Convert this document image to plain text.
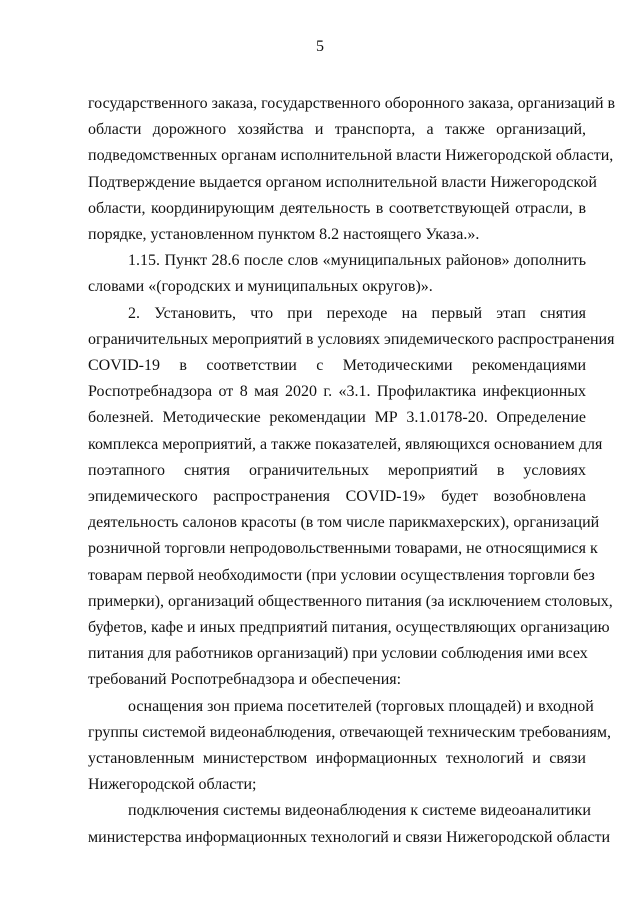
5

государственного заказа, государственного оборонного заказа, организаций в
области дорожного хозяйства и транспорта, а также организаций,
подведомственных органам исполнительной власти Нижегородской области,
Подтверждение выдается органом исполнительной власти Нижегородской
области, координирующим деятельность в соответствующей отрасли, в
порядке, установленном пунктом 8.2 настоящего Указа.».

1.15. Пункт 28.6 после слов «муниципальных районов» дополнить
словами «(городских и муниципальных округов)».

2. Установить, что при переходе на первый этап снятия
ограничительных мероприятий в условиях эпидемического распространения
COVID-19 в соответствии с Методическими рекомендациями
Роспотребнадзора от 8 мая 2020 г. «3.1. Профилактика инфекционных
болезней. Методические рекомендации МР 3.1.0178-20. Определение
комплекса мероприятий, а также показателей, являющихся основанием для
поэтапного снятия ограничительных мероприятий в условиях
эпидемического распространения COVID-19» будет возобновлена
деятельность салонов красоты (в том числе парикмахерских), организаций
розничной торговли непродовольственными товарами, не относящимися к
товарам первой необходимости (при условии осуществления торговли без
примерки), организаций общественного питания (за исключением столовых,
буфетов, кафе и иных предприятий питания, осуществляющих организацию
питания для работников организаций) при условии соблюдения ими всех
требований Роспотребнадзора и обеспечения:

оснащения зон приема посетителей (торговых площадей) и входной
группы системой видеонаблюдения, отвечающей техническим требованиям,
установленным министерством информационных технологий и связи
Нижегородской области;

подключения системы видеонаблюдения к системе видеоаналитики
министерства информационных технологий и связи Нижегородской области
